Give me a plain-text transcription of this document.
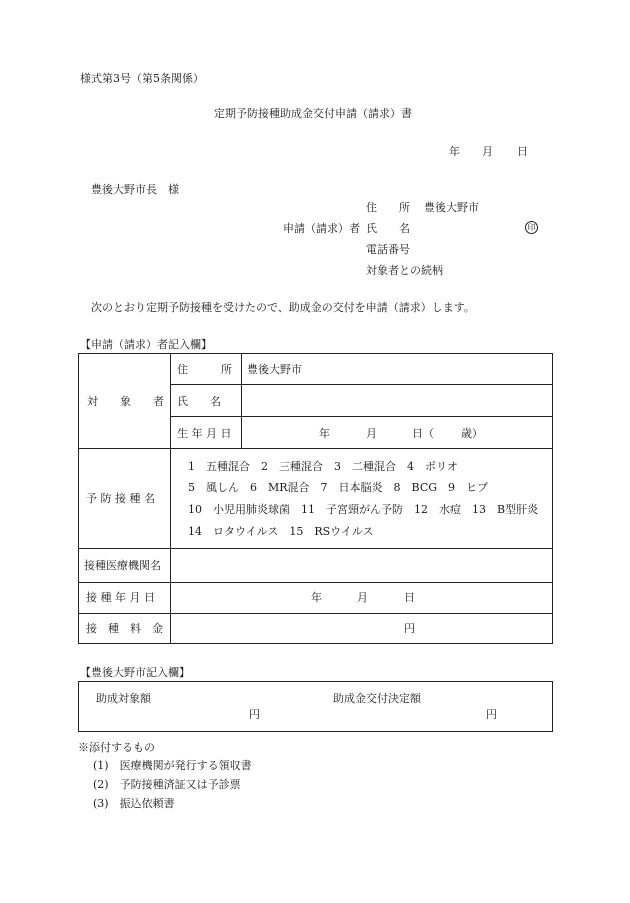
様式第3号（第5条関係）
定期予防接種助成金交付申請（請求）書
年 月 日
豊後大野市長　様
住　　所 豊後大野市
申請（請求）者 氏　　名	印
電話番号
対象者との続柄
次のとおり定期予防接種を受けたので、助成金の交付を申請（請求）します。
【申請（請求）者記入欄】
対　　象　　者
住　　　所 豊後大野市
氏　　名
生 年 月 日	年	月	日（ 歳）
予 防 接 種 名
1　五種混合　2　三種混合　3　二種混合　4　ポリオ
5　風しん　6　MR混合　7　日本脳炎　8　BCG　9　ヒブ
10　小児用肺炎球菌　11　子宮頸がん予防　12　水痘　13　B型肝炎
14　ロタウイルス　15　RSウイルス
接種医療機関名
接 種 年 月 日	年	月	日
接　種　料　金	円
【豊後大野市記入欄】
助成対象額
円
助成金交付決定額
円
※添付するもの
(1)　医療機関が発行する領収書
(2)　予防接種済証又は予診票
(3)　振込依頼書
